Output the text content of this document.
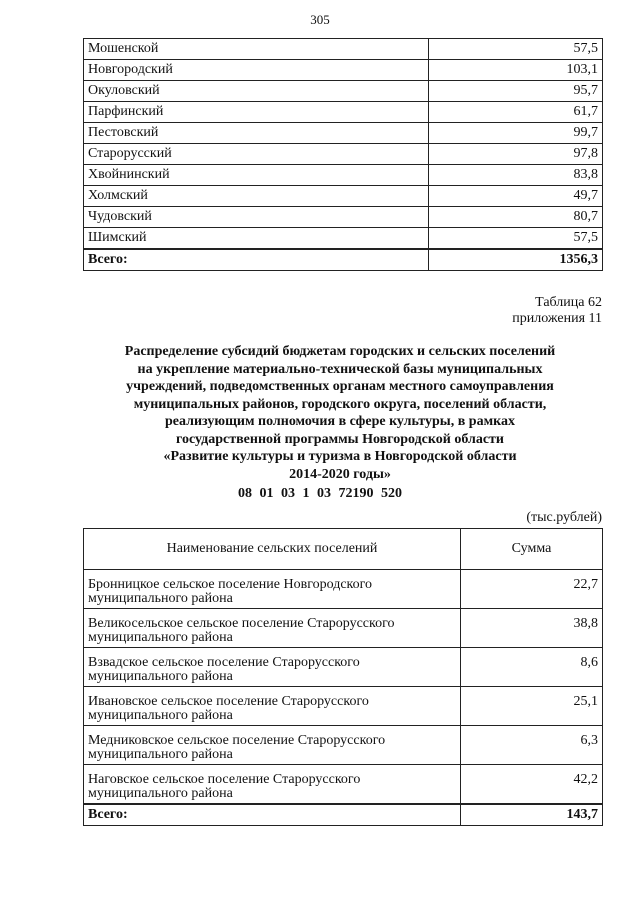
305
Мошенской	57,5
Новгородский	103,1
Окуловский	95,7
Парфинский	61,7
Пестовский	99,7
Старорусский	97,8
Хвойнинский	83,8
Холмский	49,7
Чудовский	80,7
Шимский	57,5
Всего:	1356,3
Таблица 62
приложения 11
Распределение субсидий бюджетам городских и сельских поселений
на укрепление материально-технической базы муниципальных
учреждений, подведомственных органам местного самоуправления
муниципальных районов, городского округа, поселений области,
реализующим полномочия в сфере культуры, в рамках
государственной программы Новгородской области
«Развитие культуры и туризма в Новгородской области
2014-2020 годы»
08 01 03 1 03 72190 520
(тыс.рублей)
Наименование сельских поселений	Сумма

Бронницкое сельское поселение Новгородского
муниципального района	22,7

Великосельское сельское поселение Старорусского
муниципального района	38,8

Взвадское сельское поселение Старорусского
муниципального района	8,6

Ивановское сельское поселение Старорусского
муниципального района	25,1

Медниковское сельское поселение Старорусского
муниципального района	6,3

Наговское сельское поселение Старорусского
муниципального района	42,2
Всего:	143,7
